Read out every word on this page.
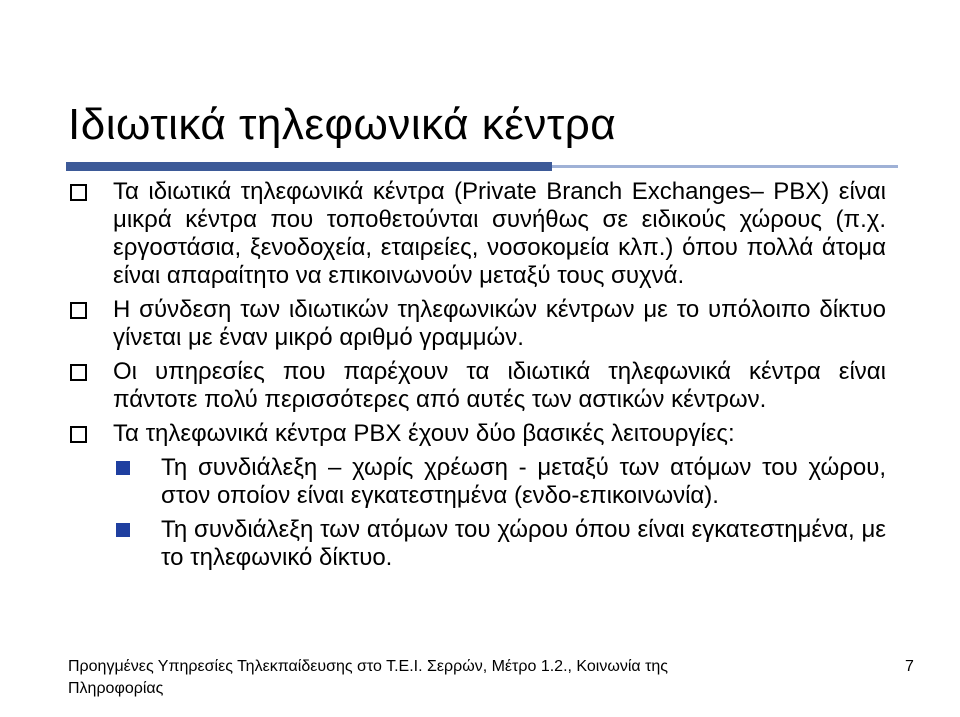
Ιδιωτικά τηλεφωνικά κέντρα
Τα ιδιωτικά τηλεφωνικά κέντρα (Private Branch Exchanges– PBX) είναι μικρά κέντρα που τοποθετούνται συνήθως σε ειδικούς χώρους (π.χ. εργοστάσια, ξενοδοχεία, εταιρείες, νοσοκομεία κλπ.) όπου πολλά άτομα είναι απαραίτητο να επικοινωνούν μεταξύ τους συχνά.
Η σύνδεση των ιδιωτικών τηλεφωνικών κέντρων με το υπόλοιπο δίκτυο γίνεται με έναν μικρό αριθμό γραμμών.
Οι υπηρεσίες που παρέχουν τα ιδιωτικά τηλεφωνικά κέντρα είναι πάντοτε πολύ περισσότερες από αυτές των αστικών κέντρων.
Τα τηλεφωνικά κέντρα PBX έχουν δύο βασικές λειτουργίες:
Τη συνδιάλεξη – χωρίς χρέωση - μεταξύ των ατόμων του χώρου, στον οποίον είναι εγκατεστημένα (ενδο-επικοινωνία).
Τη συνδιάλεξη των ατόμων του χώρου όπου είναι εγκατεστημένα, με το τηλεφωνικό δίκτυο.
Προηγμένες Υπηρεσίες Τηλεκπαίδευσης στο Τ.Ε.Ι. Σερρών, Μέτρο 1.2., Κοινωνία της Πληροφορίας
7
